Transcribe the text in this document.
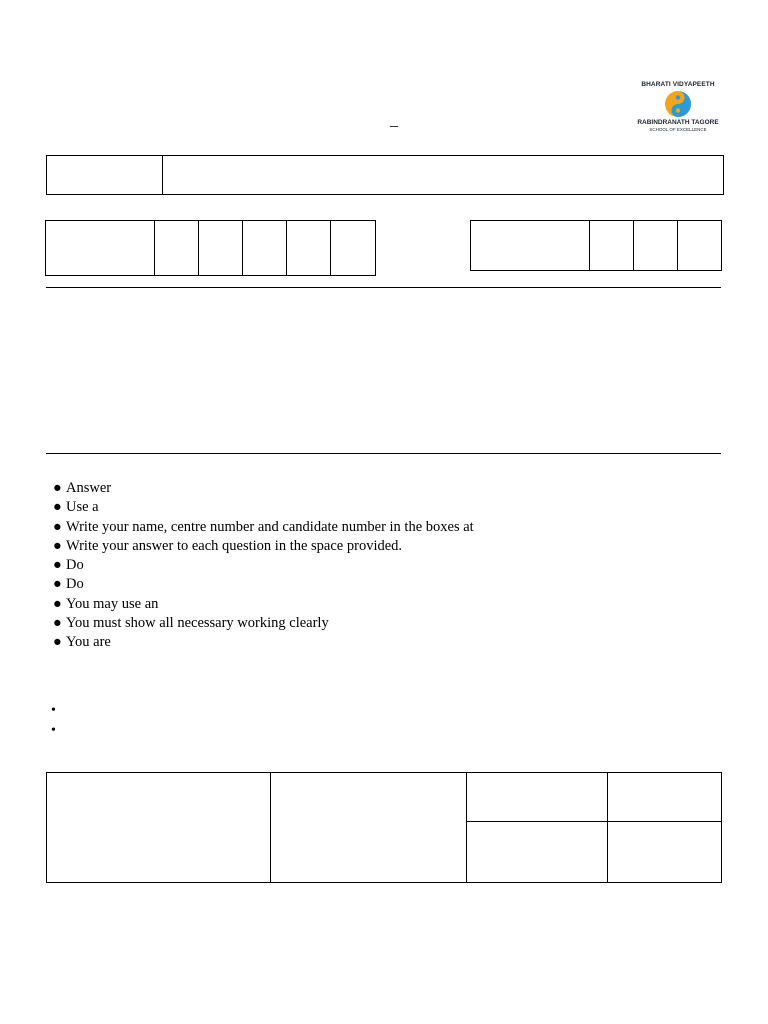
_
BHARATI VIDYAPEETH
RABINDRANATH TAGORE
SCHOOL OF EXCELLENCE
● Answer
● Use a
● Write your name, centre number and candidate number in the boxes at
● Write your answer to each question in the space provided.
● Do
● Do
● You may use an
● You must show all necessary working clearly
● You are
•
•
